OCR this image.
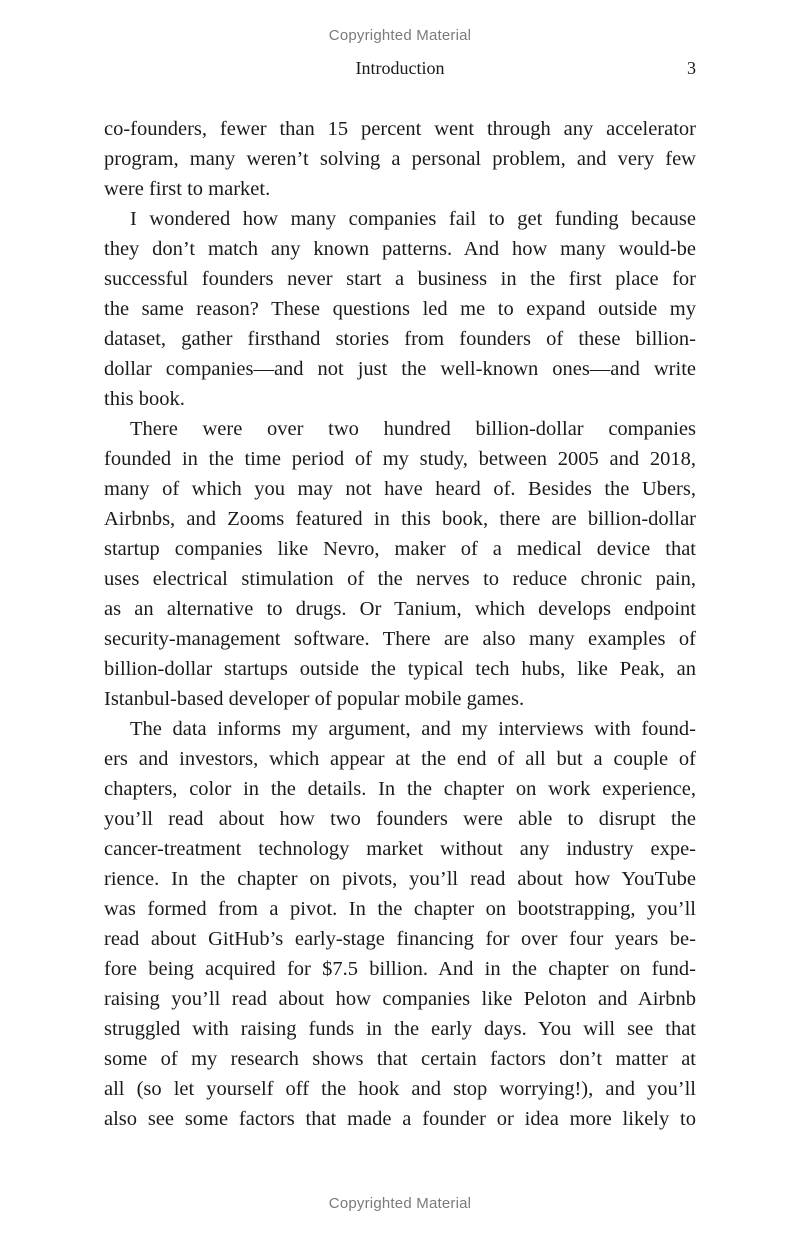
Copyrighted Material
Introduction	3
co-founders, fewer than 15 percent went through any accelerator
program, many weren’t solving a personal problem, and very few
were first to market.
I wondered how many companies fail to get funding because
they don’t match any known patterns. And how many would-be
successful founders never start a business in the first place for
the same reason? These questions led me to expand outside my
dataset, gather firsthand stories from founders of these billion-
dollar companies—and not just the well-known ones—and write
this book.
There were over two hundred billion-dollar companies
founded in the time period of my study, between 2005 and 2018,
many of which you may not have heard of. Besides the Ubers,
Airbnbs, and Zooms featured in this book, there are billion-dollar
startup companies like Nevro, maker of a medical device that
uses electrical stimulation of the nerves to reduce chronic pain,
as an alternative to drugs. Or Tanium, which develops endpoint
security-management software. There are also many examples of
billion-dollar startups outside the typical tech hubs, like Peak, an
Istanbul-based developer of popular mobile games.
The data informs my argument, and my interviews with found-
ers and investors, which appear at the end of all but a couple of
chapters, color in the details. In the chapter on work experience,
you’ll read about how two founders were able to disrupt the
cancer-treatment technology market without any industry expe-
rience. In the chapter on pivots, you’ll read about how YouTube
was formed from a pivot. In the chapter on bootstrapping, you’ll
read about GitHub’s early-stage financing for over four years be-
fore being acquired for $7.5 billion. And in the chapter on fund-
raising you’ll read about how companies like Peloton and Airbnb
struggled with raising funds in the early days. You will see that
some of my research shows that certain factors don’t matter at
all (so let yourself off the hook and stop worrying!), and you’ll
also see some factors that made a founder or idea more likely to
Copyrighted Material
